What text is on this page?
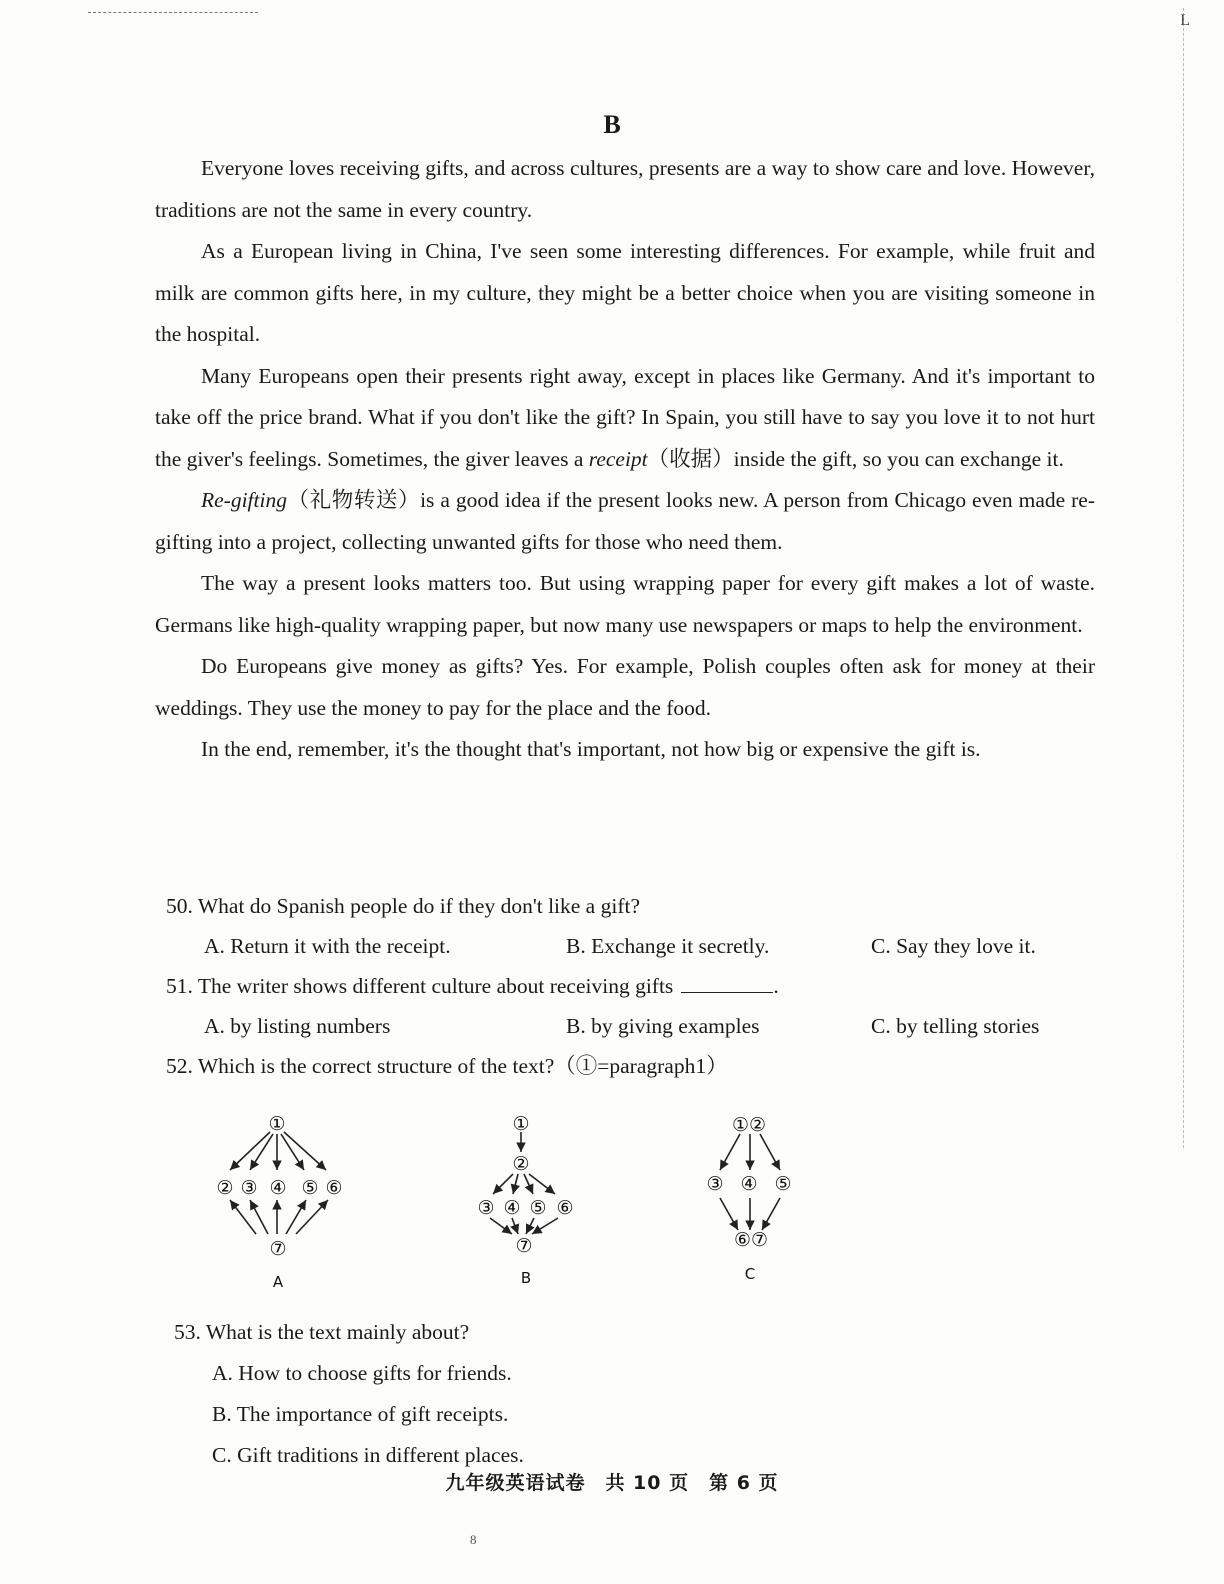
L
B

Everyone loves receiving gifts, and across cultures, presents are a way to show care and love. However, traditions are not the same in every country.

As a European living in China, I've seen some interesting differences. For example, while fruit and milk are common gifts here, in my culture, they might be a better choice when you are visiting someone in the hospital.

Many Europeans open their presents right away, except in places like Germany. And it's important to take off the price brand. What if you don't like the gift? In Spain, you still have to say you love it to not hurt the giver's feelings. Sometimes, the giver leaves a receipt（收据）inside the gift, so you can exchange it.

Re-gifting（礼物转送）is a good idea if the present looks new. A person from Chicago even made re-gifting into a project, collecting unwanted gifts for those who need them.

The way a present looks matters too. But using wrapping paper for every gift makes a lot of waste. Germans like high-quality wrapping paper, but now many use newspapers or maps to help the environment.

Do Europeans give money as gifts? Yes. For example, Polish couples often ask for money at their weddings. They use the money to pay for the place and the food.

In the end, remember, it's the thought that's important, not how big or expensive the gift is.

50. What do Spanish people do if they don't like a gift?

A. Return it with the receipt.	B. Exchange it secretly.	C. Say they love it.

51. The writer shows different culture about receiving gifts	.

A. by listing numbers	B. by giving examples	C. by telling stories

52. Which is the correct structure of the text?（①=paragraph1）

①
② ③ ④ ⑤ ⑥
⑦
A
①
②
③ ④ ⑤ ⑥
⑦
B
①②
③ ④ ⑤
⑥⑦
C

53. What is the text mainly about?

A. How to choose gifts for friends.

B. The importance of gift receipts.

C. Gift traditions in different places.

九年级英语试卷　共 10 页　第 6 页
8
